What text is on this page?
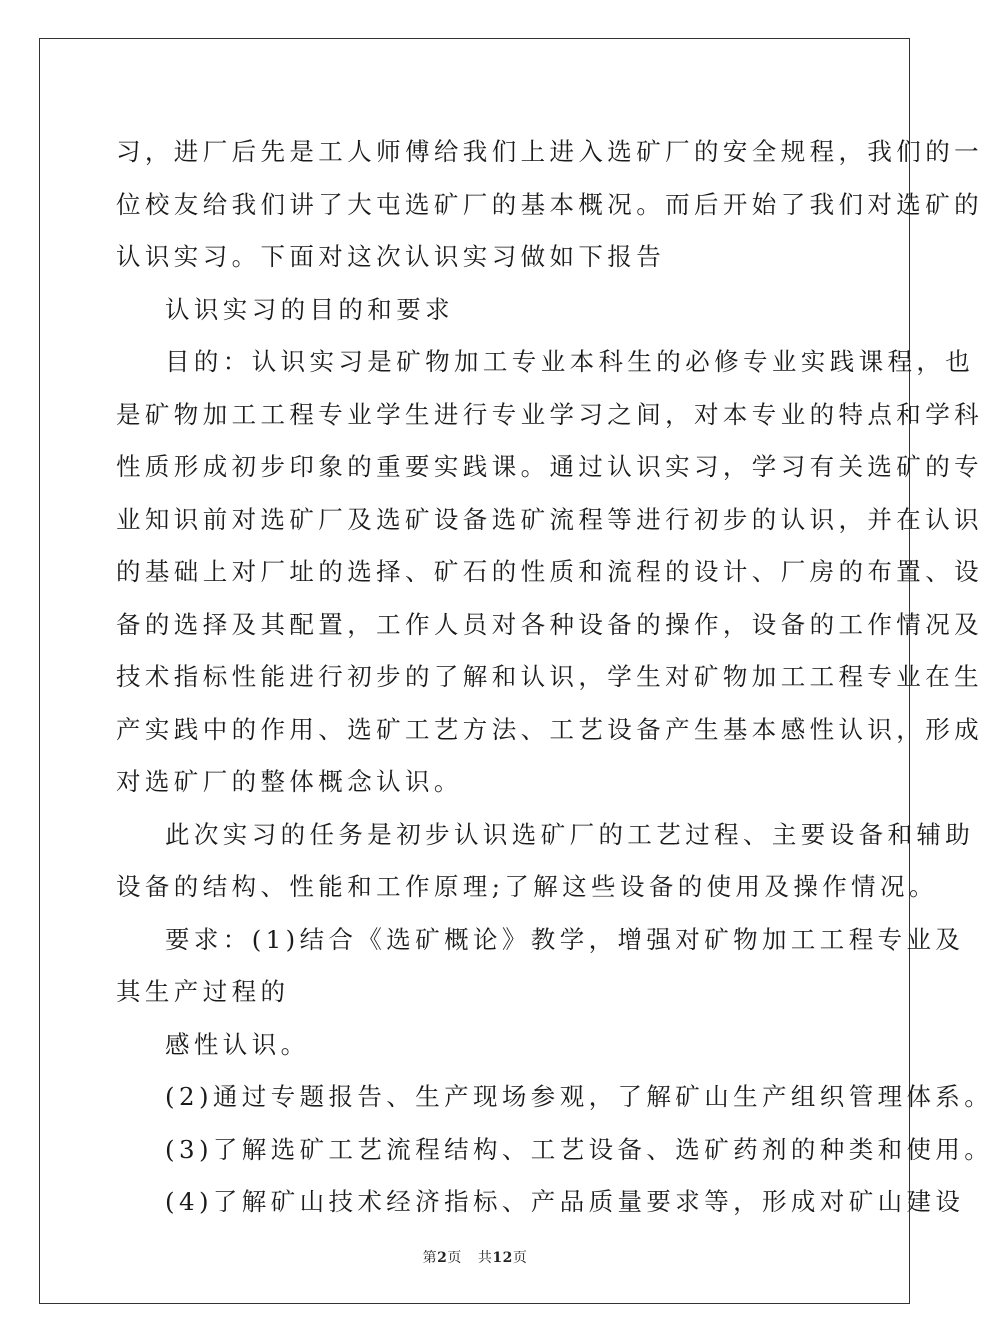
习，进厂后先是工人师傅给我们上进入选矿厂的安全规程，我们的一
位校友给我们讲了大屯选矿厂的基本概况。而后开始了我们对选矿的
认识实习。下面对这次认识实习做如下报告
认识实习的目的和要求
目的：认识实习是矿物加工专业本科生的必修专业实践课程，也
是矿物加工工程专业学生进行专业学习之间，对本专业的特点和学科
性质形成初步印象的重要实践课。通过认识实习，学习有关选矿的专
业知识前对选矿厂及选矿设备选矿流程等进行初步的认识，并在认识
的基础上对厂址的选择、矿石的性质和流程的设计、厂房的布置、设
备的选择及其配置，工作人员对各种设备的操作，设备的工作情况及
技术指标性能进行初步的了解和认识，学生对矿物加工工程专业在生
产实践中的作用、选矿工艺方法、工艺设备产生基本感性认识，形成
对选矿厂的整体概念认识。
此次实习的任务是初步认识选矿厂的工艺过程、主要设备和辅助
设备的结构、性能和工作原理;了解这些设备的使用及操作情况。
要求：(1)结合《选矿概论》教学，增强对矿物加工工程专业及
其生产过程的
感性认识。
(2)通过专题报告、生产现场参观，了解矿山生产组织管理体系。
(3)了解选矿工艺流程结构、工艺设备、选矿药剂的种类和使用。
(4)了解矿山技术经济指标、产品质量要求等，形成对矿山建设
第2页 共12页
